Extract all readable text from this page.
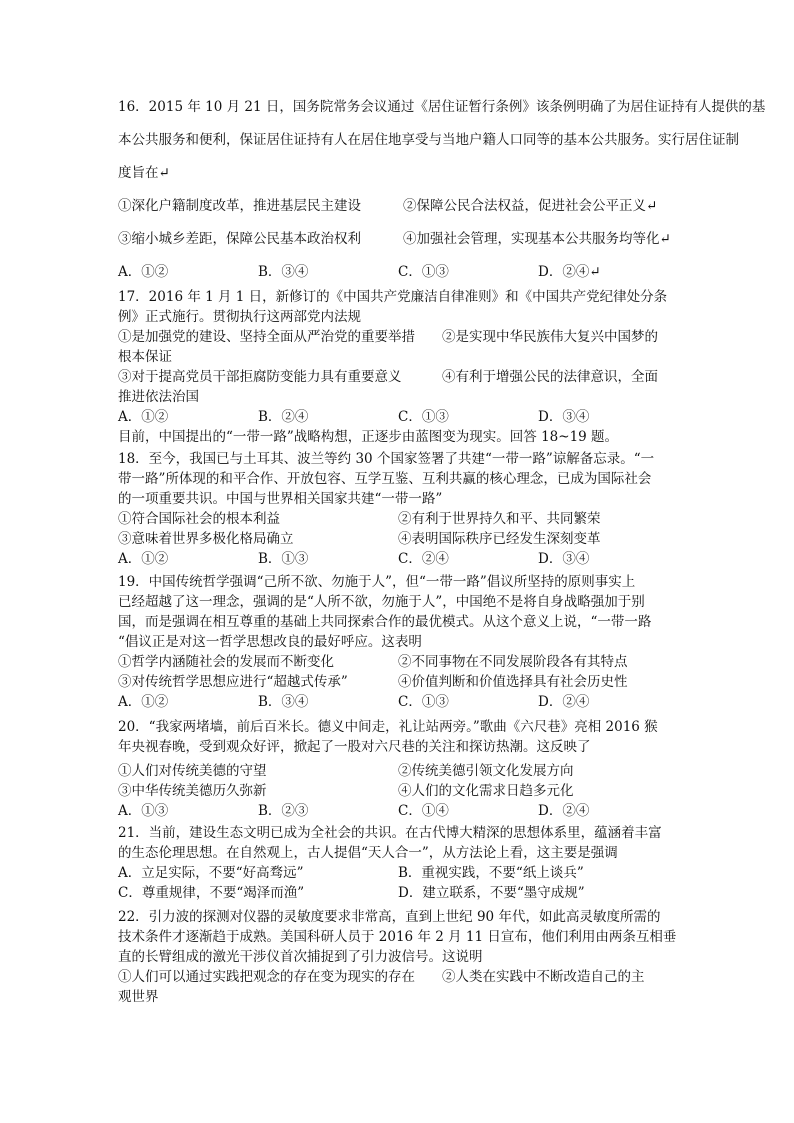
16．2015 年 10 月 21 日，国务院常务会议通过《居住证暂行条例》该条例明确了为居住证持有人提供的基
本公共服务和便利，保证居住证持有人在居住地享受与当地户籍人口同等的基本公共服务。实行居住证制
度旨在↵
①深化户籍制度改革，推进基层民主建设	②保障公民合法权益，促进社会公平正义↵
③缩小城乡差距，保障公民基本政治权利	④加强社会管理，实现基本公共服务均等化↵
A．①②	B．③④	C．①③	D．②④↵
17．2016 年 1 月 1 日，新修订的《中国共产党廉洁自律准则》和《中国共产党纪律处分条
例》正式施行。贯彻执行这两部党内法规
①是加强党的建设、坚持全面从严治党的重要举措　　②是实现中华民族伟大复兴中国梦的
根本保证
③对于提高党员干部拒腐防变能力具有重要意义　　　④有利于增强公民的法律意识，全面
推进依法治国
A．①②	B．②④	C．①③	D．③④
目前，中国提出的“一带一路”战略构想，正逐步由蓝图变为现实。回答 18~19 题。
18．至今，我国已与土耳其、波兰等约 30 个国家签署了共建“一带一路”谅解备忘录。“一
带一路”所体现的和平合作、开放包容、互学互鉴、互利共赢的核心理念，已成为国际社会
的一项重要共识。中国与世界相关国家共建“一带一路”
①符合国际社会的根本利益	②有利于世界持久和平、共同繁荣
③意味着世界多极化格局确立	④表明国际秩序已经发生深刻变革
A．①②	B．①③	C．②④	D．③④
19．中国传统哲学强调“己所不欲、勿施于人”，但“一带一路”倡议所坚持的原则事实上
已经超越了这一理念，强调的是“人所不欲，勿施于人”，中国绝不是将自身战略强加于别
国，而是强调在相互尊重的基础上共同探索合作的最优模式。从这个意义上说，“一带一路
“倡议正是对这一哲学思想改良的最好呼应。这表明
①哲学内涵随社会的发展而不断变化	②不同事物在不同发展阶段各有其特点
③对传统哲学思想应进行“超越式传承”	④价值判断和价值选择具有社会历史性
A．①②	B．③④	C．①③	D．②④
20．“我家两堵墙，前后百米长。德义中间走，礼让站两旁。”歌曲《六尺巷》亮相 2016 猴
年央视春晚，受到观众好评，掀起了一股对六尺巷的关注和探访热潮。这反映了
①人们对传统美德的守望	②传统美德引领文化发展方向
③中华传统美德历久弥新	④人们的文化需求日趋多元化
A．①③	B．②③	C．①④	D．②④
21．当前，建设生态文明已成为全社会的共识。在古代博大精深的思想体系里，蕴涵着丰富
的生态伦理思想。在自然观上，古人提倡“天人合一”，从方法论上看，这主要是强调
A．立足实际，不要“好高骛远”	B．重视实践，不要“纸上谈兵”
C．尊重规律，不要“竭泽而渔”	D．建立联系，不要“墨守成规”
22．引力波的探测对仪器的灵敏度要求非常高，直到上世纪 90 年代，如此高灵敏度所需的
技术条件才逐渐趋于成熟。美国科研人员于 2016 年 2 月 11 日宣布，他们利用由两条互相垂
直的长臂组成的激光干涉仪首次捕捉到了引力波信号。这说明
①人们可以通过实践把观念的存在变为现实的存在　　②人类在实践中不断改造自己的主
观世界
